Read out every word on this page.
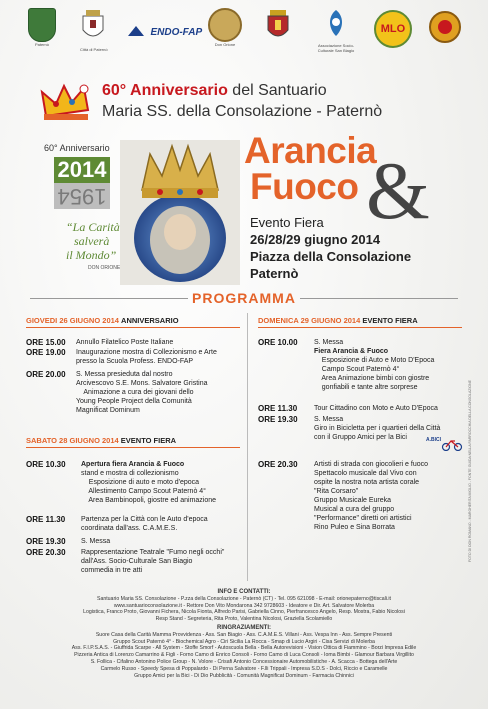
Paternò
Città di Paternò
ENDO-FAP
Don Orione	Associazione Socio-Culturale San Biagio
MLO
60° Anniversario del Santuario
Maria SS. della Consolazione - Paternò
60° Anniversario
2014
1954
“La Carità
salverà
il Mondo”
DON ORIONE
Arancia
Fuoco &
Evento Fiera
26/28/29 giugno 2014
Piazza della Consolazione
Paternò
PROGRAMMA
GIOVEDI 26 GIUGNO 2014 ANNIVERSARIO
ORE 15.00 Annullo Filatelico Poste Italiane
ORE 19.00 Inaugurazione mostra di Collezionismo e Arte
presso la Scuola Profess. ENDO-FAP
ORE 20.00 S. Messa presieduta dal nostro
Arcivescovo S.E. Mons. Salvatore Gristina
Animazione a cura dei giovani dello
Young People Project della Comunità
Magnificat Dominum
SABATO 28 GIUGNO 2014 EVENTO FIERA
ORE 10.30 Apertura fiera Arancia & Fuoco
stand e mostra di collezionismo
Esposizione di auto e moto d'epoca
Allestimento Campo Scout Paternò 4°
Area Bambinopoli, giostre ed animazione
ORE 11.30 Partenza per la Città con le Auto d'epoca
coordinata dall'ass. C.A.M.E.S.
ORE 19.30 S. Messa
ORE 20.30 Rappresentazione Teatrale "Fumo negli occhi"
dall'Ass. Socio-Culturale San Biagio
commedia in tre atti
DOMENICA 29 GIUGNO 2014 EVENTO FIERA
ORE 10.00 S. Messa
Fiera Arancia & Fuoco
Esposizione di Auto e Moto D'Epoca
Campo Scout Paternò 4°
Area Animazione bimbi con giostre
gonfiabili e tante altre sorprese
ORE 11.30 Tour Cittadino con Moto e Auto D'Epoca
ORE 19.30 S. Messa
Giro in Bicicletta per i quartieri della Città
con il Gruppo Amici per la Bici	A.BICI
ORE 20.30 Artisti di strada con giocolieri e fuoco
Spettacolo musicale dal Vivo con
ospite la nostra nota artista corale
"Rita Corsaro"
Gruppo Musicale Eureka
Musical a cura del gruppo
"Performance" diretti ori artistici
Rino Puleo e Sina Borrata	FOTO DI DON ROMANO - MARGHERITA MIGLIO - FONTE GUIDA NELLA PARROCCHIA DELLA CONSOLAZIONE
INFO E CONTATTI:
Santuario Maria SS. Consolazione - P.zza della Consolazione - Paternò (CT) - Tel. 095 621098 - E-mail: orionepaterno@tiscali.it
www.santuarioconsolazione.it - Rettore Don Vito Mondarona 342 9728603 - Ideatore e Dir. Art. Salvatore Molerba
Logistica, Franco Proto, Giovanni Fichera, Nicola Fionta, Alfredo Parisi, Gabriella Cinno, Pierfrancesco Angelo, Resp. Mostra, Fabio Nicolosi
Resp Stand - Segreteria, Rita Proto, Valentina Nicolosi, Graziella Scolamiello
RINGRAZIAMENTI:
Suore Casa della Carità Mamma Provvidenza - Ass. San Biagio - Ass. C.A.M.E.S. Villani - Ass. Vespa Inn - Ass. Sempre Presenti
Gruppo Scout Paternò 4° - Biochemical Agro - Ciri Sicilia La Rocca - Smap di Lucio Argiri - Cisa Servizi di Molerba
Ass. F.I.P.S.A.S. - Giuffrida Scarpe - All System - Stoffe Smorf - Autoscuola Bella - Bella Autorevisioni - Vision Ottica di Fiammino - Borzi Impresa Edile
Pizzeria Antica di Lorenzo Camarrino & Figli - Forno Camo di Enrico Consoli - Forno Camo di Luca Consoli - Ioma Bimbi - Glamour Barbara Virgillito
S. Follica - Cifalino Antonino Police Group - N. Volore - Crisafi Antonio Concessionaire Automobilistiche - A. Scacca - Bottega dell'Arte
Carmelo Russo - Speedy Spesa di Poppalardo - Di Perna Salvatore - F.lli Trippali - Impresa S.D.S - Dolci, Riccio e Caramelle
Gruppo Amici per la Bici - Di Dio Pubblicità - Comunità Magnificat Dominum - Farmacia Chinnici
